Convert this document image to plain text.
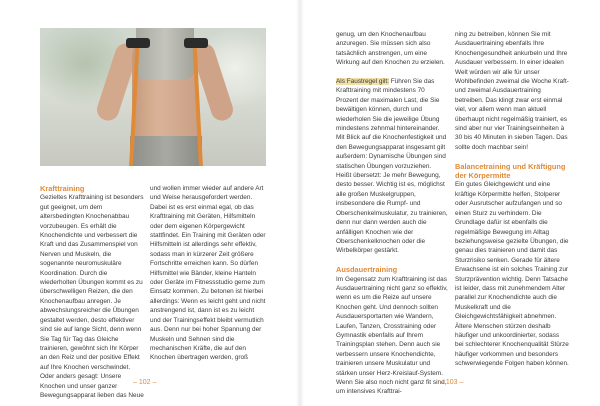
Krafttraining

Gezieltes Krafttraining ist besonders gut geeignet, um dem altersbedingten Knochenabbau vorzubeugen. Es erhält die Knochendichte und verbessert die Kraft und das Zusammenspiel von Nerven und Muskeln, die sogenannte neuromuskuläre Koordination. Durch die wiederholten Übungen kommt es zu überschwelligen Reizen, die den Knochenaufbau anregen. Je abwechslungsreicher die Übungen gestaltet werden, desto effektiver sind sie auf lange Sicht, denn wenn Sie Tag für Tag das Gleiche trainieren, gewöhnt sich Ihr Körper an den Reiz und der positive Effekt auf Ihre Knochen verschwindet. Oder anders gesagt: Unsere Knochen und unser ganzer Bewegungsapparat lieben das Neue

und wollen immer wieder auf andere Art und Weise herausgefordert werden. Dabei ist es erst einmal egal, ob das Krafttraining mit Geräten, Hilfsmitteln oder dem eigenen Körpergewicht stattfindet. Ein Training mit Geräten oder Hilfsmitteln ist allerdings sehr effektiv, sodass man in kürzerer Zeit größere Fortschritte erreichen kann. So dürfen Hilfsmittel wie Bänder, kleine Hanteln oder Geräte im Fitnessstudio gerne zum Einsatz kommen. Zu betonen ist hierbei allerdings: Wenn es leicht geht und nicht anstrengend ist, dann ist es zu leicht und der Trainingseffekt bleibt vermutlich aus. Denn nur bei hoher Spannung der Muskeln und Sehnen sind die mechanischen Kräfte, die auf den Knochen übertragen werden, groß

– 102 –

genug, um den Knochenaufbau anzuregen. Sie müssen sich also tatsächlich anstrengen, um eine Wirkung auf den Knochen zu erzielen.

Als Faustregel gilt: Führen Sie das Krafttraining mit mindestens 70 Prozent der maximalen Last, die Sie bewältigen können, durch und wiederholen Sie die jeweilige Übung mindestens zehnmal hintereinander. Mit Blick auf die Knochenfestigkeit und den Bewegungsapparat insgesamt gilt außerdem: Dynamische Übungen sind statischen Übungen vorzuziehen. Heißt übersetzt: Je mehr Bewegung, desto besser. Wichtig ist es, möglichst alle großen Muskelgruppen, insbesondere die Rumpf- und Oberschenkelmuskulatur, zu trainieren, denn nur dann werden auch die anfälligen Knochen wie der Oberschenkelknochen oder die Wirbelkörper gestärkt.

Ausdauertraining

Im Gegensatz zum Krafttraining ist das Ausdauertraining nicht ganz so effektiv, wenn es um die Reize auf unsere Knochen geht. Und dennoch sollten Ausdauersportarten wie Wandern, Laufen, Tanzen, Crosstraining oder Gymnastik ebenfalls auf Ihrem Trainingsplan stehen. Denn auch sie verbessern unsere Knochendichte, trainieren unsere Muskulatur und stärken unser Herz-Kreislauf-System. Wenn Sie also noch nicht ganz fit sind, um intensives Krafttrai-

ning zu betreiben, können Sie mit Ausdauertraining ebenfalls Ihre Knochengesundheit ankurbeln und Ihre Ausdauer verbessern. In einer idealen Welt würden wir alle für unser Wohlbefinden zweimal die Woche Kraft- und zweimal Ausdauertraining betreiben. Das klingt zwar erst einmal viel, vor allem wenn man aktuell überhaupt nicht regelmäßig trainiert, es sind aber nur vier Trainingseinheiten à 30 bis 40 Minuten in sieben Tagen. Das sollte doch machbar sein!

Balancetraining und Kräftigung der Körpermitte

Ein gutes Gleichgewicht und eine kräftige Körpermitte helfen, Stolperer oder Ausrutscher aufzufangen und so einen Sturz zu verhindern. Die Grundlage dafür ist ebenfalls die regelmäßige Bewegung im Alltag beziehungsweise gezielte Übungen, die genau dies trainieren und damit das Sturzrisiko senken. Gerade für ältere Erwachsene ist ein solches Training zur Sturzprävention wichtig. Denn Tatsache ist leider, dass mit zunehmendem Alter parallel zur Knochendichte auch die Muskelkraft und die Gleichgewichtsfähigkeit abnehmen. Ältere Menschen stürzen deshalb häufiger und unkoordinierter, sodass bei schlechterer Knochenqualität Stürze häufiger vorkommen und besonders schwerwiegende Folgen haben können.

– 103 –
